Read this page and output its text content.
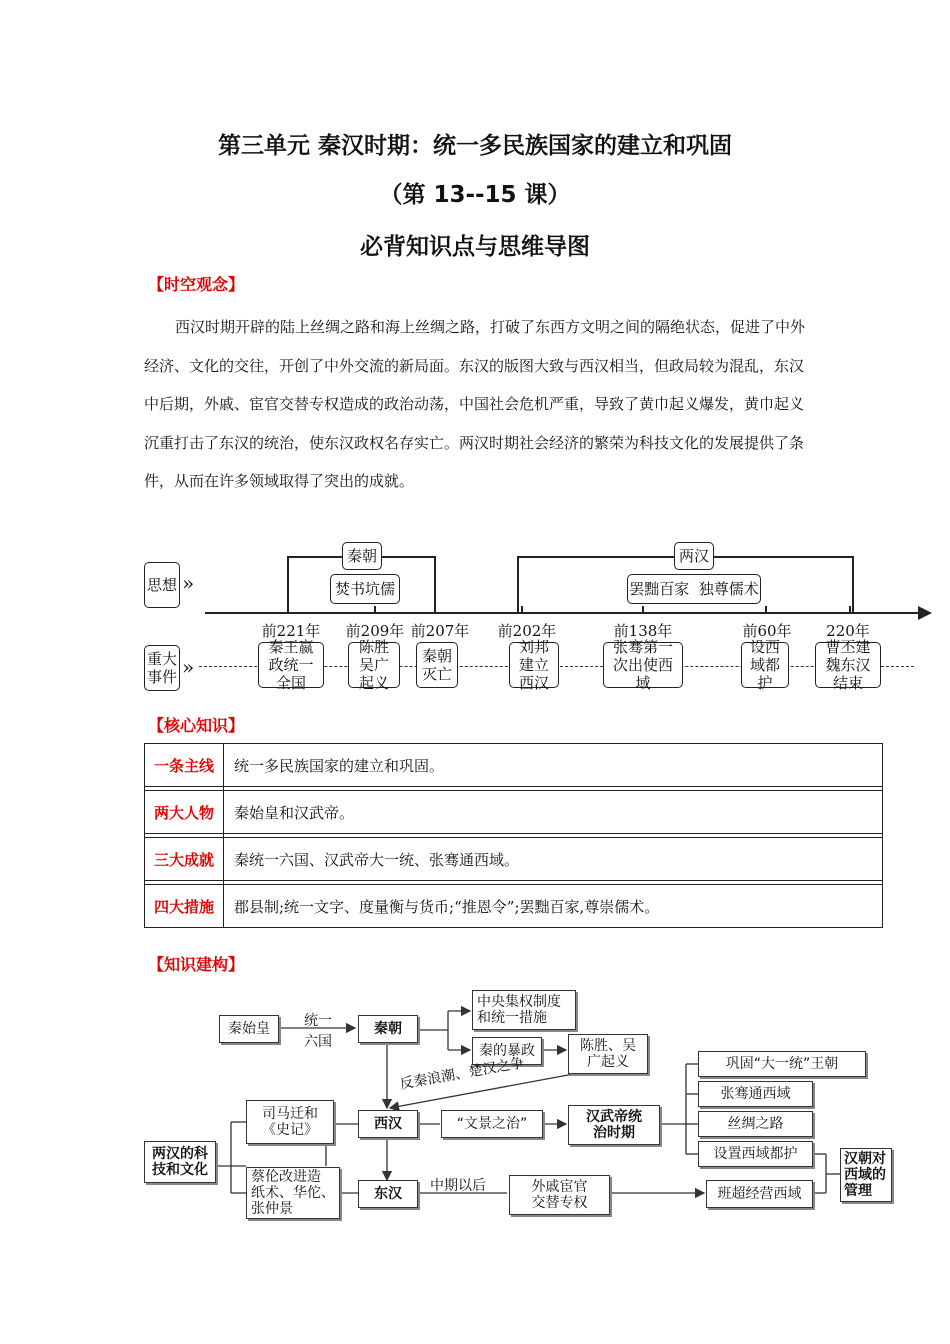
第三单元 秦汉时期：统一多民族国家的建立和巩固
（第 13--15 课）
必背知识点与思维导图
【时空观念】

西汉时期开辟的陆上丝绸之路和海上丝绸之路，打破了东西方文明之间的隔绝状态，促进了中外经济、文化的交往，开创了中外交流的新局面。东汉的版图大致与西汉相当，但政局较为混乱，东汉中后期，外戚、宦官交替专权造成的政治动荡，中国社会危机严重，导致了黄巾起义爆发，黄巾起义沉重打击了东汉的统治，使东汉政权名存实亡。两汉时期社会经济的繁荣为科技文化的发展提供了条件，从而在许多领域取得了突出的成就。

思想 »
重大事件 »
秦朝
焚书坑儒
两汉
罢黜百家  独尊儒术
前221年	前209年 前207年	前202年	前138年	前60年	220年
秦王嬴政统一全国
陈胜吴广起义
秦朝灭亡
刘邦建立西汉
张骞第一次出使西域
设西域都护
曹丕建魏东汉结束
【核心知识】
一条主线	统一多民族国家的建立和巩固。

两大人物	秦始皇和汉武帝。

三大成就	秦统一六国、汉武帝大一统、张骞通西域。

四大措施	郡县制;统一文字、度量衡与货币;“推恩令”;罢黜百家,尊崇儒术。
【知识建构】
秦始皇	统一
六国
秦朝
中央集权制度
和统一措施
秦的暴政	陈胜、吴
广起义
反秦浪潮、楚汉之争
两汉的科
技和文化
司马迁和
《史记》
蔡伦改进造
纸术、华佗、
张仲景
西汉	“文景之治”	汉武帝统
治时期
东汉	中期以后	外戚宦官
交替专权
巩固“大一统”王朝
张骞通西域
丝绸之路
设置西域都护
班超经营西域
汉朝对
西域的
管理
